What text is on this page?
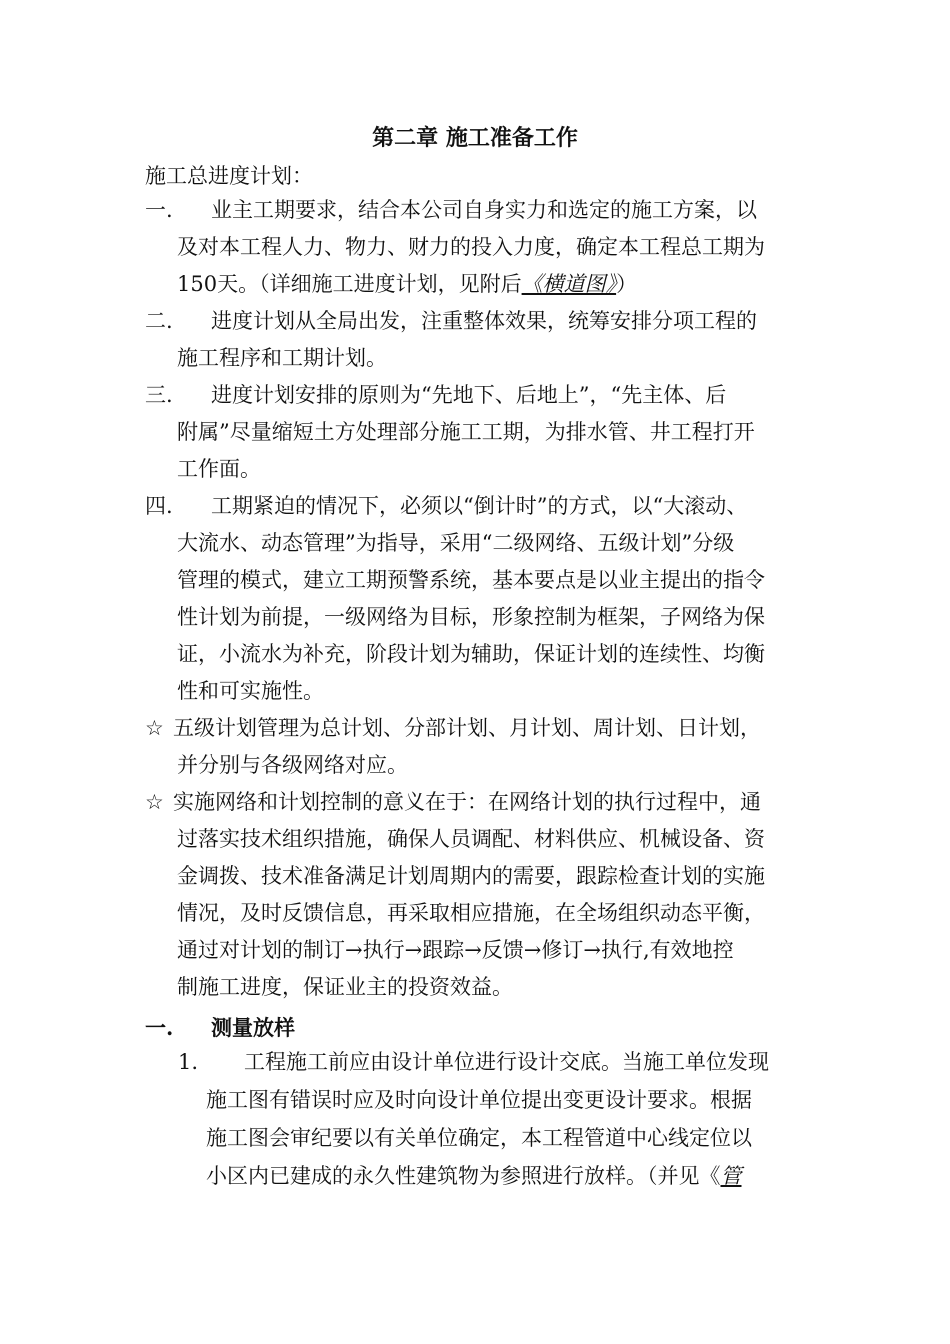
第二章 施工准备工作
施工总进度计划：
一. 业主工期要求，结合本公司自身实力和选定的施工方案，以
及对本工程人力、物力、财力的投入力度，确定本工程总工期为
150天。（详细施工进度计划，见附后《横道图》）
二. 进度计划从全局出发，注重整体效果，统筹安排分项工程的
施工程序和工期计划。
三. 进度计划安排的原则为“先地下、后地上”，“先主体、后
附属”尽量缩短土方处理部分施工工期，为排水管、井工程打开
工作面。
四. 工期紧迫的情况下，必须以“倒计时”的方式，以“大滚动、
大流水、动态管理”为指导，采用“二级网络、五级计划”分级
管理的模式，建立工期预警系统，基本要点是以业主提出的指令
性计划为前提，一级网络为目标，形象控制为框架，子网络为保
证，小流水为补充，阶段计划为辅助，保证计划的连续性、均衡
性和可实施性。
☆ 五级计划管理为总计划、分部计划、月计划、周计划、日计划，
并分别与各级网络对应。
☆ 实施网络和计划控制的意义在于：在网络计划的执行过程中，通
过落实技术组织措施，确保人员调配、材料供应、机械设备、资
金调拨、技术准备满足计划周期内的需要，跟踪检查计划的实施
情况，及时反馈信息，再采取相应措施，在全场组织动态平衡，
通过对计划的制订→执行→跟踪→反馈→修订→执行,有效地控
制施工进度，保证业主的投资效益。
一. 测量放样
1. 工程施工前应由设计单位进行设计交底。当施工单位发现
施工图有错误时应及时向设计单位提出变更设计要求。根据
施工图会审纪要以有关单位确定，本工程管道中心线定位以
小区内已建成的永久性建筑物为参照进行放样。（并见《管
